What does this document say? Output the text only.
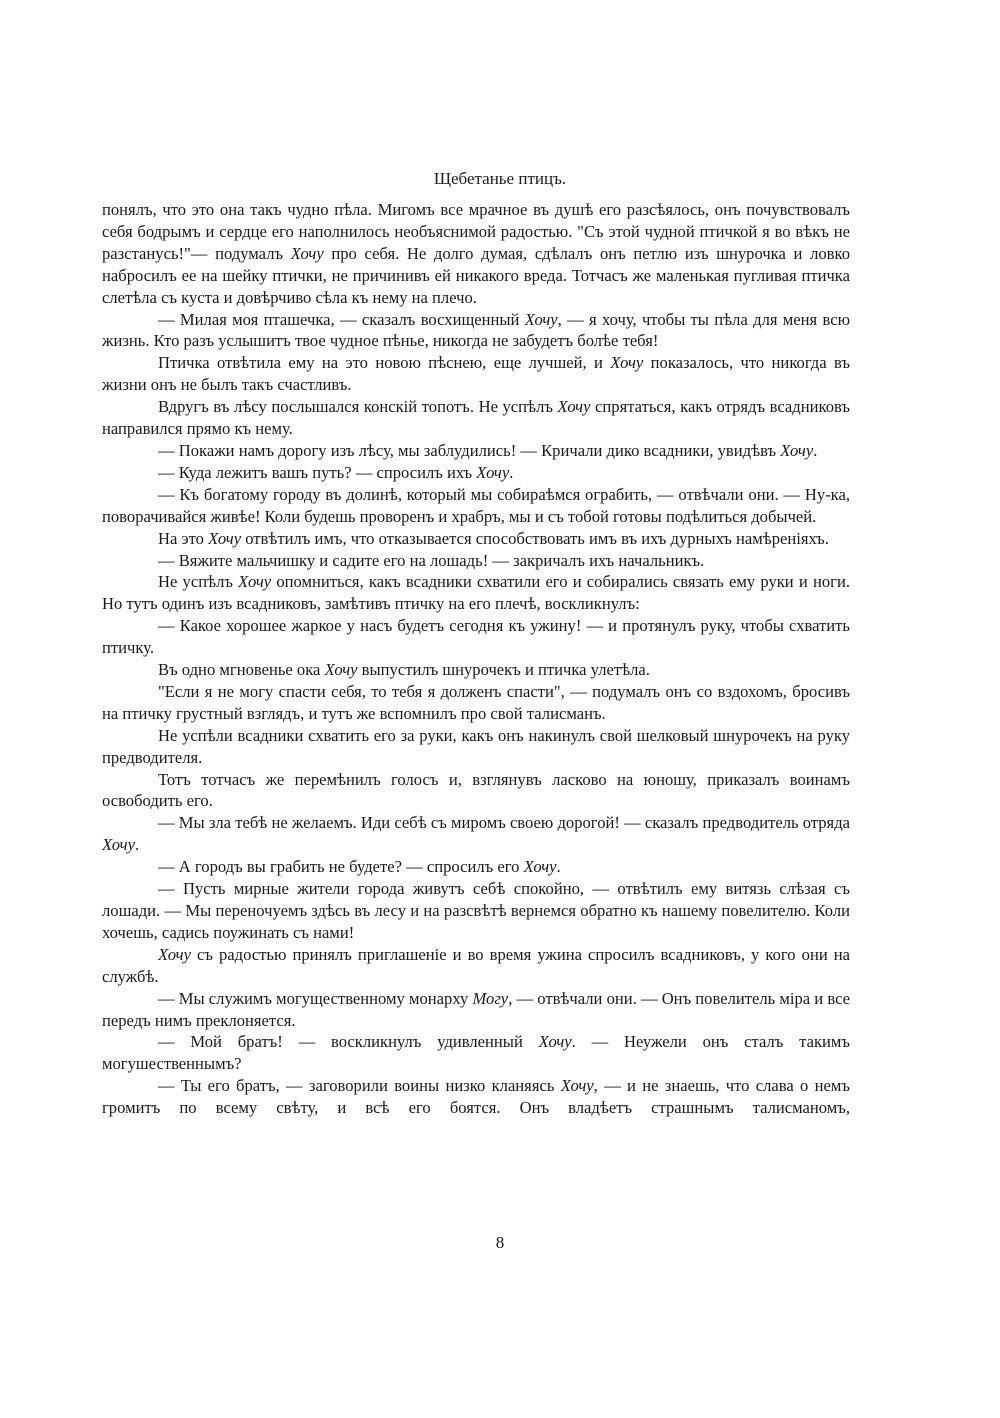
Щебетанье птицъ.

понялъ, что это она такъ чудно пѣла. Мигомъ все мрачное въ душѣ его разсѣялось, онъ почувствовалъ себя бодрымъ и сердце его наполнилось необъяснимой радостью. "Съ этой чудной птичкой я во вѣкъ не разстанусь!"— подумалъ Хочу про себя. Не долго думая, сдѣлалъ онъ петлю изъ шнурочка и ловко набросилъ ее на шейку птички, не причинивъ ей никакого вреда. Тотчасъ же маленькая пугливая птичка слетѣла съ куста и довѣрчиво сѣла къ нему на плечо.

— Милая моя пташечка, — сказалъ восхищенный Хочу, — я хочу, чтобы ты пѣла для меня всю жизнь. Кто разъ услышитъ твое чудное пѣнье, никогда не забудетъ болѣе тебя!

Птичка отвѣтила ему на это новою пѣснею, еще лучшей, и Хочу показалось, что никогда въ жизни онъ не былъ такъ счастливъ.

Вдругъ въ лѣсу послышался конскій топотъ. Не успѣлъ Хочу спрятаться, какъ отрядъ всадниковъ направился прямо къ нему.

— Покажи намъ дорогу изъ лѣсу, мы заблудились! — Кричали дико всадники, увидѣвъ Хочу.

— Куда лежитъ вашъ путь? — спросилъ ихъ Хочу.

— Къ богатому городу въ долинѣ, который мы собираѣмся ограбить, — отвѣчали они. — Ну-ка, поворачивайся живѣе! Коли будешь проворенъ и храбръ, мы и съ тобой готовы подѣлиться добычей.

На это Хочу отвѣтилъ имъ, что отказывается способствовать имъ въ ихъ дурныхъ намѣреніяхъ.

— Вяжите мальчишку и садите его на лошадь! — закричалъ ихъ начальникъ.

Не успѣлъ Хочу опомниться, какъ всадники схватили его и собирались связать ему руки и ноги. Но тутъ одинъ изъ всадниковъ, замѣтивъ птичку на его плечѣ, воскликнулъ:

— Какое хорошее жаркое у насъ будетъ сегодня къ ужину! — и протянулъ руку, чтобы схватить птичку.

Въ одно мгновенье ока Хочу выпустилъ шнурочекъ и птичка улетѣла.

"Если я не могу спасти себя, то тебя я долженъ спасти", — подумалъ онъ со вздохомъ, бросивъ на птичку грустный взглядъ, и тутъ же вспомнилъ про свой талисманъ.

Не успѣли всадники схватить его за руки, какъ онъ накинулъ свой шелковый шнурочекъ на руку предводителя.

Тотъ тотчасъ же перемѣнилъ голосъ и, взглянувъ ласково на юношу, приказалъ воинамъ освободить его.

— Мы зла тебѣ не желаемъ. Иди себѣ съ миромъ своею дорогой! — сказалъ предводитель отряда Хочу.

— А городъ вы грабить не будете? — спросилъ его Хочу.

— Пусть мирные жители города живутъ себѣ спокойно, — отвѣтилъ ему витязь слѣзая съ лошади. — Мы переночуемъ здѣсь въ лесу и на разсвѣтѣ вернемся обратно къ нашему повелителю. Коли хочешь, садись поужинать съ нами!

Хочу съ радостью принялъ приглашеніе и во время ужина спросилъ всадниковъ, у кого они на службѣ.

— Мы служимъ могущественному монарху Могу, — отвѣчали они. — Онъ повелитель міра и все передъ нимъ преклоняется.

— Мой братъ! — воскликнулъ удивленный Хочу. — Неужели онъ сталъ такимъ могушественнымъ?

— Ты его братъ, — заговорили воины низко кланяясь Хочу, — и не знаешь, что слава о немъ громитъ по всему свѣту, и всѣ его боятся. Онъ владѣетъ страшнымъ талисманомъ,

8
